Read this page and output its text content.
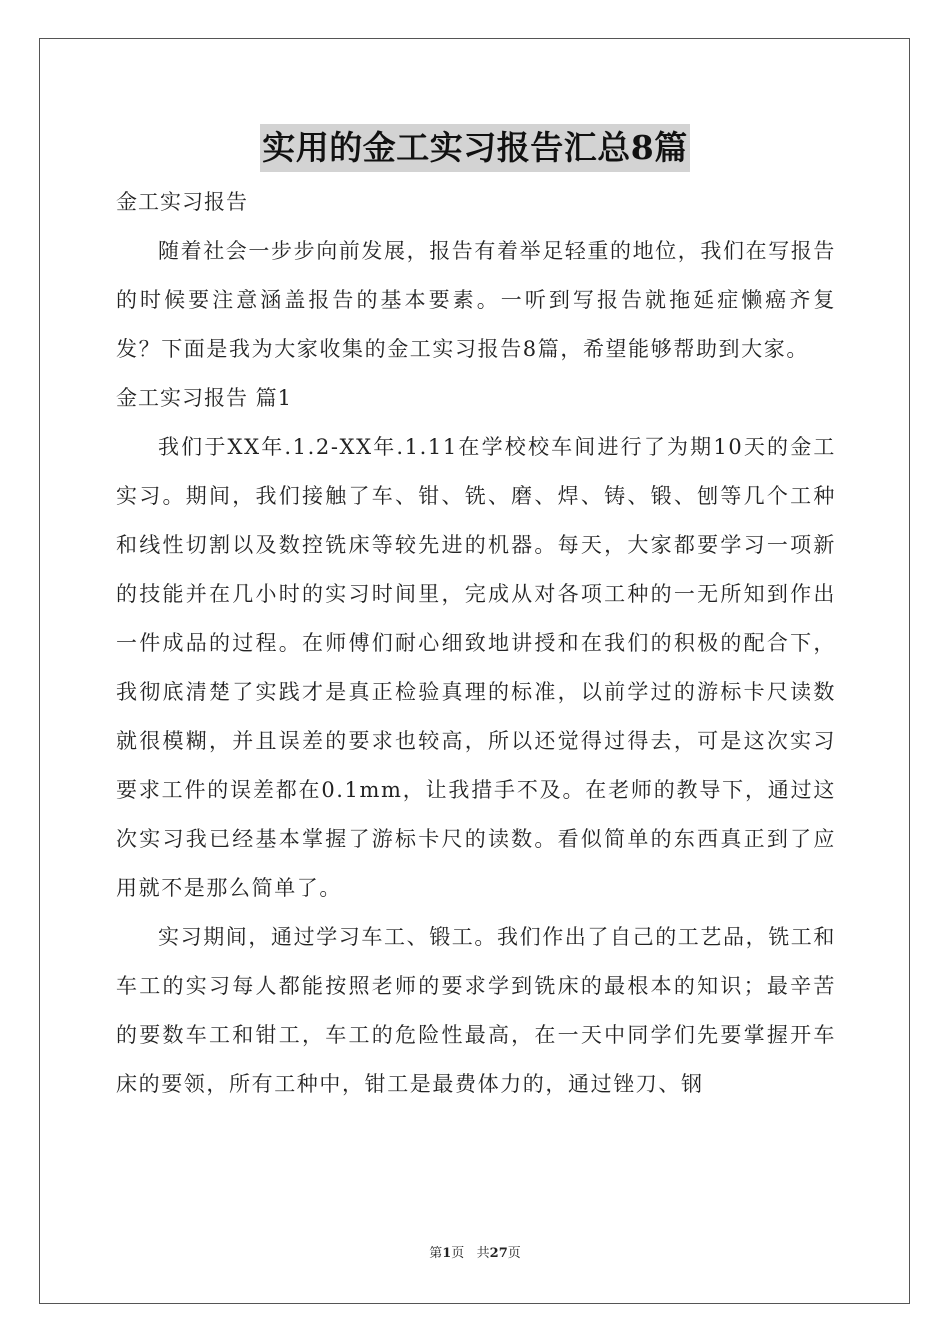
实用的金工实习报告汇总8篇

金工实习报告

随着社会一步步向前发展，报告有着举足轻重的地位，我们在写报告的时候要注意涵盖报告的基本要素。一听到写报告就拖延症懒癌齐复发？下面是我为大家收集的金工实习报告8篇，希望能够帮助到大家。

金工实习报告 篇1

我们于XX年.1.2-XX年.1.11在学校校车间进行了为期10天的金工实习。期间，我们接触了车、钳、铣、磨、焊、铸、锻、刨等几个工种和线性切割以及数控铣床等较先进的机器。每天，大家都要学习一项新的技能并在几小时的实习时间里，完成从对各项工种的一无所知到作出一件成品的过程。在师傅们耐心细致地讲授和在我们的积极的配合下，我彻底清楚了实践才是真正检验真理的标准，以前学过的游标卡尺读数就很模糊，并且误差的要求也较高，所以还觉得过得去，可是这次实习要求工件的误差都在0.1mm，让我措手不及。在老师的教导下，通过这次实习我已经基本掌握了游标卡尺的读数。看似简单的东西真正到了应用就不是那么简单了。

实习期间，通过学习车工、锻工。我们作出了自己的工艺品，铣工和车工的实习每人都能按照老师的要求学到铣床的最根本的知识；最辛苦的要数车工和钳工，车工的危险性最高，在一天中同学们先要掌握开车床的要领，所有工种中，钳工是最费体力的，通过锉刀、钢

第1页   共27页
